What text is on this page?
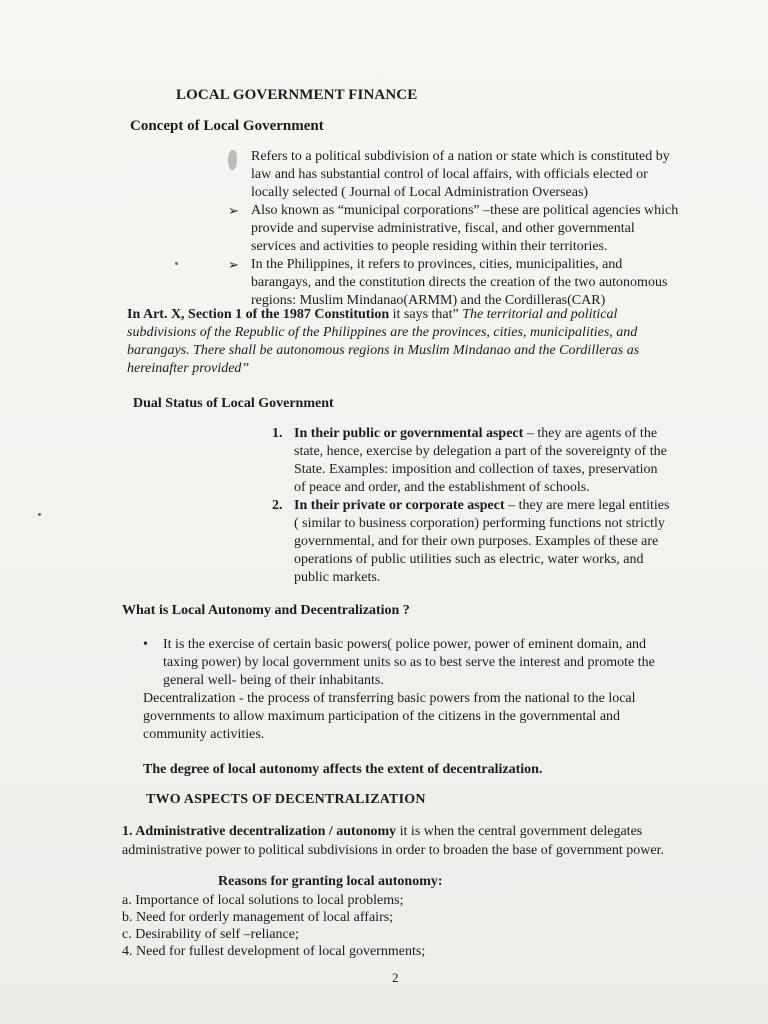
LOCAL GOVERNMENT FINANCE

Concept of Local Government

Refers to a political subdivision of a nation or state which is constituted by law and has substantial control of local affairs, with officials elected or locally selected ( Journal of Local Administration Overseas)
➢ Also known as “municipal corporations” –these are political agencies which provide and supervise administrative, fiscal, and other governmental services and activities to people residing within their territories.
➢ In the Philippines, it refers to provinces, cities, municipalities, and barangays, and the constitution directs the creation of the two autonomous regions: Muslim Mindanao(ARMM) and the Cordilleras(CAR)

In Art. X, Section 1 of the 1987 Constitution it says that” The territorial and political subdivisions of the Republic of the Philippines are the provinces, cities, municipalities, and barangays. There shall be autonomous regions in Muslim Mindanao and the Cordilleras as hereinafter provided”

Dual Status of Local Government

1. In their public or governmental aspect – they are agents of the state, hence, exercise by delegation a part of the sovereignty of the State. Examples: imposition and collection of taxes, preservation of peace and order, and the establishment of schools.
2. In their private or corporate aspect – they are mere legal entities ( similar to business corporation) performing functions not strictly governmental, and for their own purposes. Examples of these are operations of public utilities such as electric, water works, and public markets.

What is Local Autonomy and Decentralization ?

• It is the exercise of certain basic powers( police power, power of eminent domain, and taxing power) by local government units so as to best serve the interest and promote the general well- being of their inhabitants.

Decentralization - the process of transferring basic powers from the national to the local governments to allow maximum participation of the citizens in the governmental and community activities.

The degree of local autonomy affects the extent of decentralization.

TWO ASPECTS OF DECENTRALIZATION

1. Administrative decentralization / autonomy it is when the central government delegates administrative power to political subdivisions in order to broaden the base of government power.

Reasons for granting local autonomy:

a. Importance of local solutions to local problems;
b. Need for orderly management of local affairs;
c. Desirability of self –reliance;
4. Need for fullest development of local governments;

2
